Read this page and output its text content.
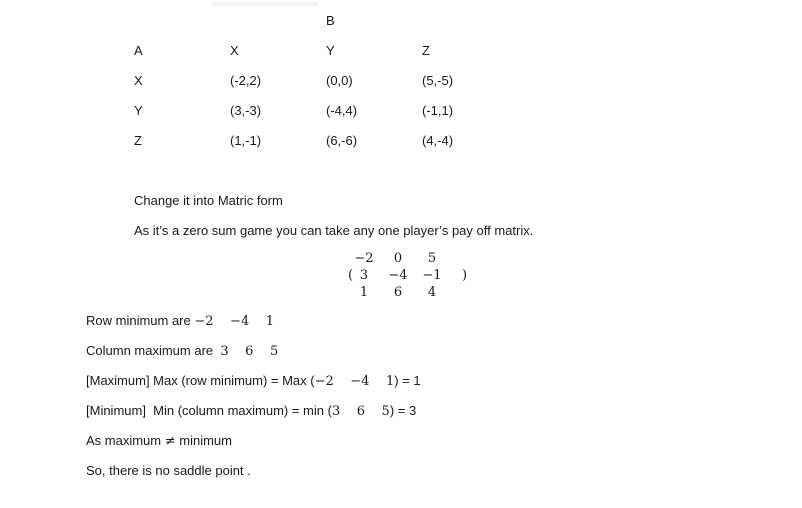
B
A	X	Y	Z
X	(-2,2)	(0,0)	(5,-5)
Y	(3,-3)	(-4,4)	(-1,1)
Z	(1,-1)	(6,-6)	(4,-4)
Change it into Matric form
As it’s a zero sum game you can take any one player’s pay off matrix.
(	)
−2	0	5
3	−4	−1
1	6	4
Row minimum are −2    −4    1
Column maximum are  3    6    5
[Maximum] Max (row minimum) = Max (−2    −4    1) = 1
[Minimum]  Min (column maximum) = min (3    6    5) = 3
As maximum ≠ minimum
So, there is no saddle point .
